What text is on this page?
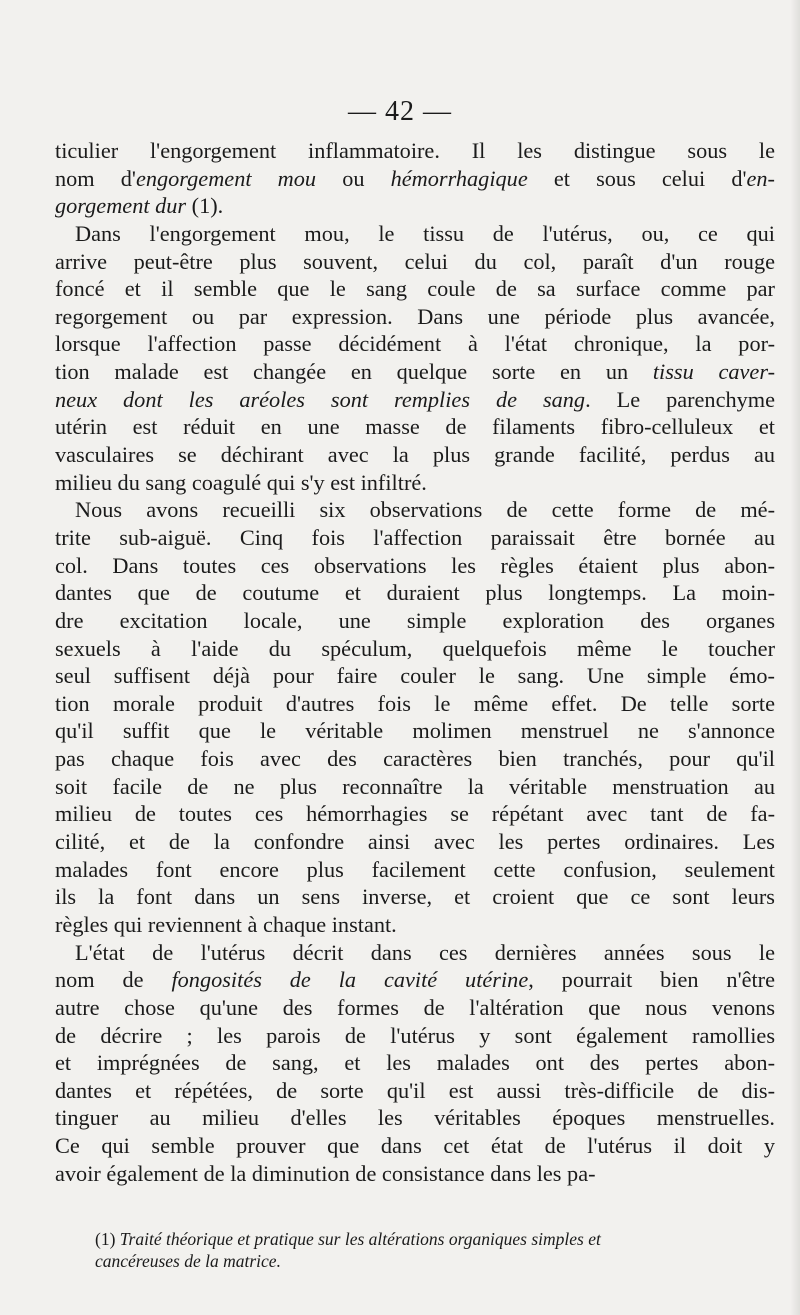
— 42 —
ticulier l'engorgement inflammatoire. Il les distingue sous le
nom d'engorgement mou ou hémorrhagique et sous celui d'en-
gorgement dur (1).
Dans l'engorgement mou, le tissu de l'utérus, ou, ce qui
arrive peut-être plus souvent, celui du col, paraît d'un rouge
foncé et il semble que le sang coule de sa surface comme par
regorgement ou par expression. Dans une période plus avancée,
lorsque l'affection passe décidément à l'état chronique, la por-
tion malade est changée en quelque sorte en un tissu caver-
neux dont les aréoles sont remplies de sang. Le parenchyme
utérin est réduit en une masse de filaments fibro-celluleux et
vasculaires se déchirant avec la plus grande facilité, perdus au
milieu du sang coagulé qui s'y est infiltré.
Nous avons recueilli six observations de cette forme de mé-
trite sub-aiguë. Cinq fois l'affection paraissait être bornée au
col. Dans toutes ces observations les règles étaient plus abon-
dantes que de coutume et duraient plus longtemps. La moin-
dre excitation locale, une simple exploration des organes
sexuels à l'aide du spéculum, quelquefois même le toucher
seul suffisent déjà pour faire couler le sang. Une simple émo-
tion morale produit d'autres fois le même effet. De telle sorte
qu'il suffit que le véritable molimen menstruel ne s'annonce
pas chaque fois avec des caractères bien tranchés, pour qu'il
soit facile de ne plus reconnaître la véritable menstruation au
milieu de toutes ces hémorrhagies se répétant avec tant de fa-
cilité, et de la confondre ainsi avec les pertes ordinaires. Les
malades font encore plus facilement cette confusion, seulement
ils la font dans un sens inverse, et croient que ce sont leurs
règles qui reviennent à chaque instant.
L'état de l'utérus décrit dans ces dernières années sous le
nom de fongosités de la cavité utérine, pourrait bien n'être
autre chose qu'une des formes de l'altération que nous venons
de décrire ; les parois de l'utérus y sont également ramollies
et imprégnées de sang, et les malades ont des pertes abon-
dantes et répétées, de sorte qu'il est aussi très-difficile de dis-
tinguer au milieu d'elles les véritables époques menstruelles.
Ce qui semble prouver que dans cet état de l'utérus il doit y
avoir également de la diminution de consistance dans les pa-
(1) Traité théorique et pratique sur les altérations organiques simples et
cancéreuses de la matrice.
